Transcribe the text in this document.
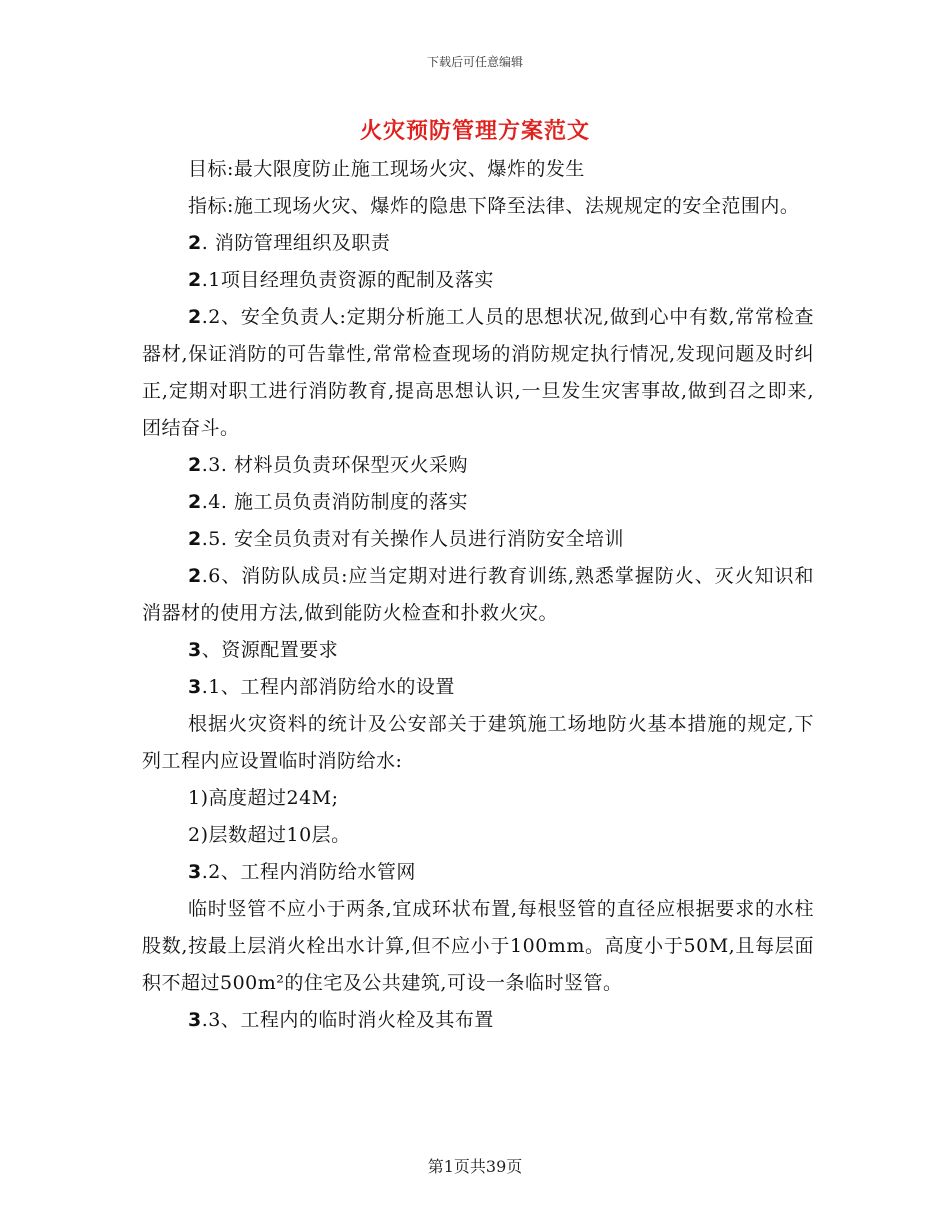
下载后可任意编辑
火灾预防管理方案范文

目标:最大限度防止施工现场火灾、爆炸的发生

指标:施工现场火灾、爆炸的隐患下降至法律、法规规定的安全范围内。

2. 消防管理组织及职责

2.1项目经理负责资源的配制及落实

2.2、安全负责人:定期分析施工人员的思想状况,做到心中有数,常常检查器材,保证消防的可告靠性,常常检查现场的消防规定执行情况,发现问题及时纠正,定期对职工进行消防教育,提高思想认识,一旦发生灾害事故,做到召之即来,团结奋斗。

2.3. 材料员负责环保型灭火采购

2.4. 施工员负责消防制度的落实

2.5. 安全员负责对有关操作人员进行消防安全培训

2.6、消防队成员:应当定期对进行教育训练,熟悉掌握防火、灭火知识和消器材的使用方法,做到能防火检查和扑救火灾。

3、资源配置要求

3.1、工程内部消防给水的设置

根据火灾资料的统计及公安部关于建筑施工场地防火基本措施的规定,下列工程内应设置临时消防给水:

1)高度超过24M;

2)层数超过10层。

3.2、工程内消防给水管网

临时竖管不应小于两条,宜成环状布置,每根竖管的直径应根据要求的水柱股数,按最上层消火栓出水计算,但不应小于100mm。高度小于50M,且每层面积不超过500m²的住宅及公共建筑,可设一条临时竖管。

3.3、工程内的临时消火栓及其布置

第1页共39页
